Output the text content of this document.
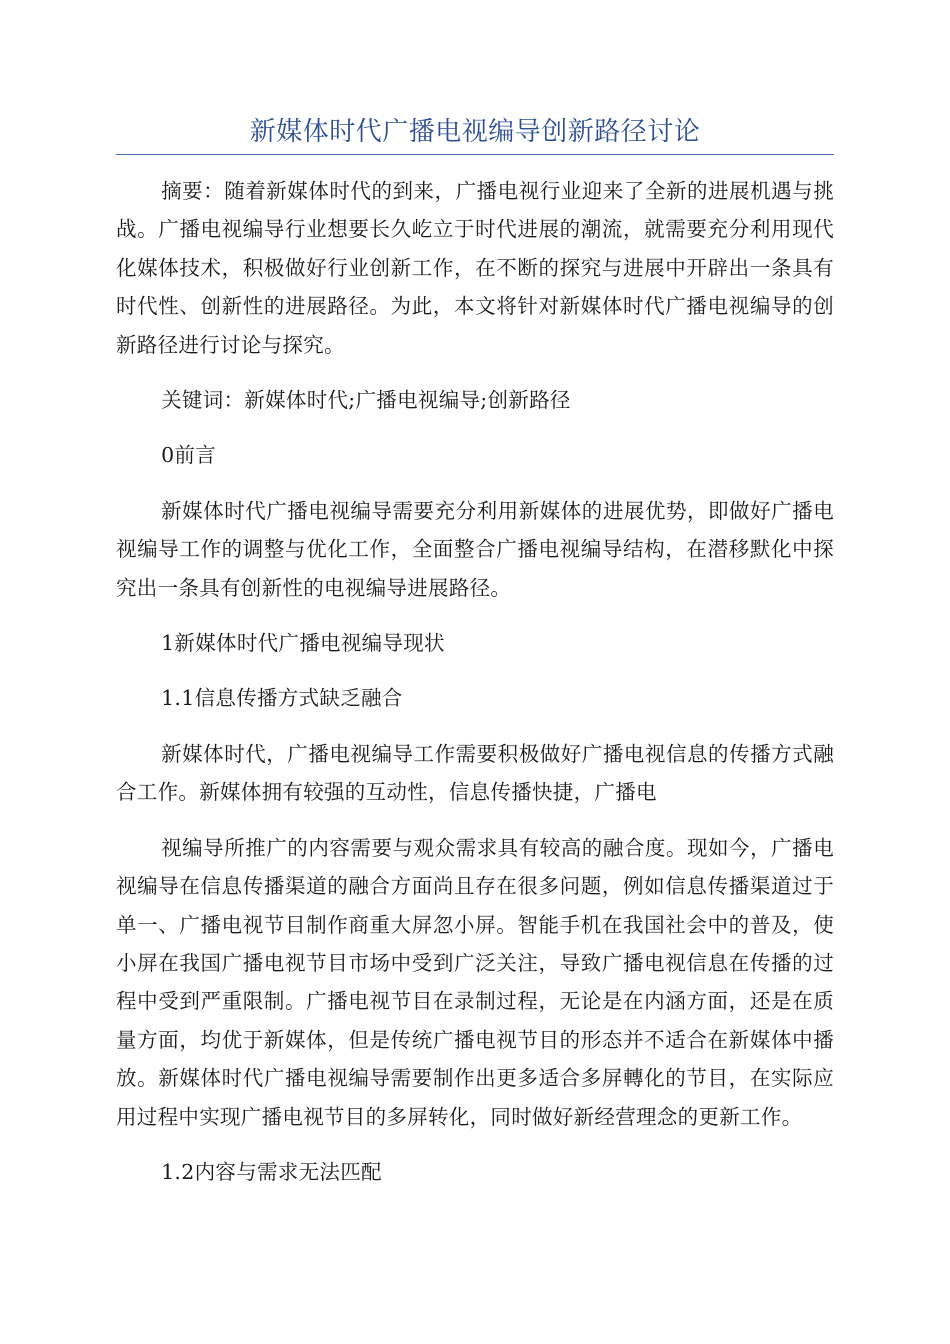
新媒体时代广播电视编导创新路径讨论

摘要：随着新媒体时代的到来，广播电视行业迎来了全新的进展机遇与挑战。广播电视编导行业想要长久屹立于时代进展的潮流，就需要充分利用现代化媒体技术，积极做好行业创新工作，在不断的探究与进展中开辟出一条具有时代性、创新性的进展路径。为此，本文将针对新媒体时代广播电视编导的创新路径进行讨论与探究。

关键词：新媒体时代;广播电视编导;创新路径

0前言

新媒体时代广播电视编导需要充分利用新媒体的进展优势，即做好广播电视编导工作的调整与优化工作，全面整合广播电视编导结构，在潜移默化中探究出一条具有创新性的电视编导进展路径。

1新媒体时代广播电视编导现状

1.1信息传播方式缺乏融合

新媒体时代，广播电视编导工作需要积极做好广播电视信息的传播方式融合工作。新媒体拥有较强的互动性，信息传播快捷，广播电

视编导所推广的内容需要与观众需求具有较高的融合度。现如今，广播电视编导在信息传播渠道的融合方面尚且存在很多问题，例如信息传播渠道过于单一、广播电视节目制作商重大屏忽小屏。智能手机在我国社会中的普及，使小屏在我国广播电视节目市场中受到广泛关注，导致广播电视信息在传播的过程中受到严重限制。广播电视节目在录制过程，无论是在内涵方面，还是在质量方面，均优于新媒体，但是传统广播电视节目的形态并不适合在新媒体中播放。新媒体时代广播电视编导需要制作出更多适合多屏轉化的节目，在实际应用过程中实现广播电视节目的多屏转化，同时做好新经营理念的更新工作。

1.2内容与需求无法匹配
